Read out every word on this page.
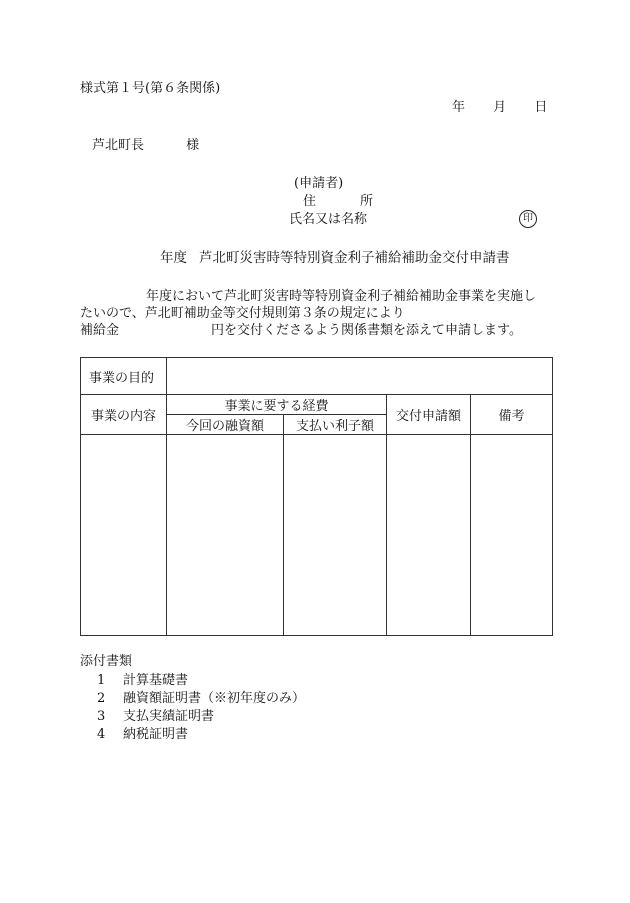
様式第１号(第６条関係)
年 月 日
芦北町長	様
(申請者)
住	所
氏名又は名称	印
年度 芦北町災害時等特別資金利子補給補助金交付申請書
年度において芦北町災害時等特別資金利子補給補助金事業を実施し
たいので、芦北町補助金等交付規則第３条の規定により
補給金	円を交付くださるよう関係書類を添えて申請します。
事業の目的				
事業の内容	事業に要する経費		交付申請額	備考
	今回の融資額	支払い利子額		

添付書類
1 計算基礎書
2 融資額証明書（※初年度のみ）
3 支払実績証明書
4 納税証明書
